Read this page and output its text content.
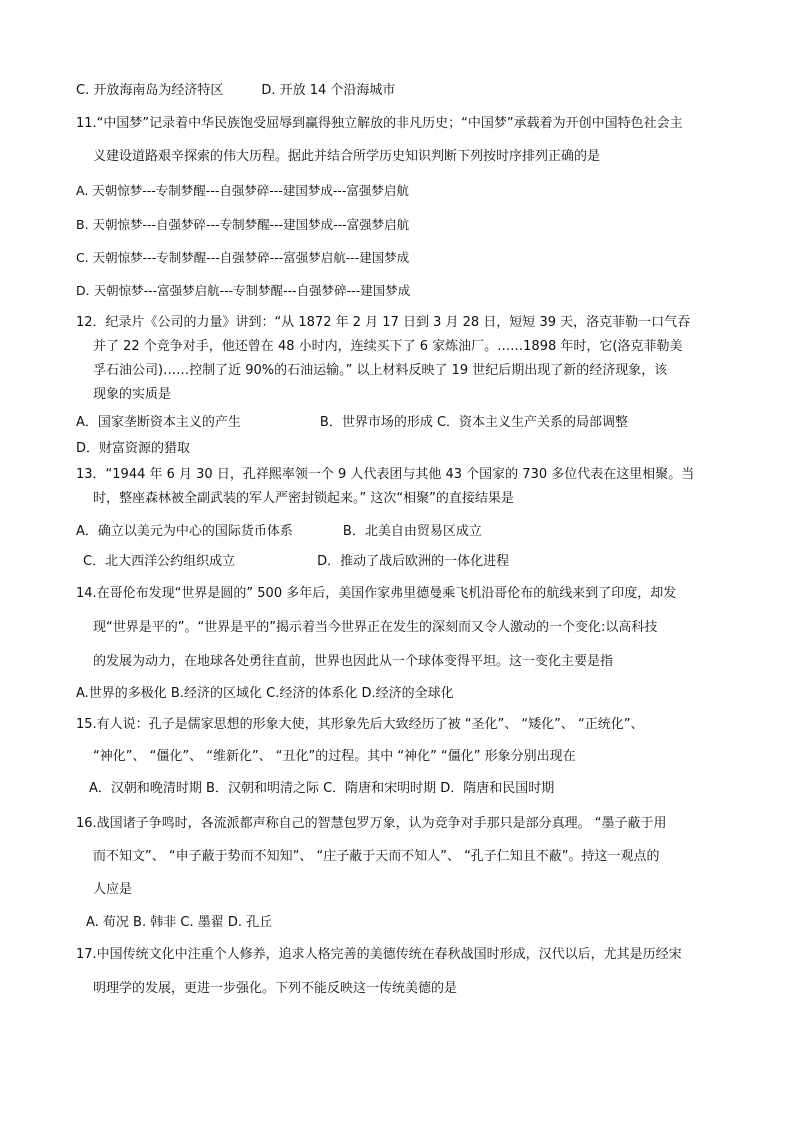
C. 开放海南岛为经济特区	D. 开放 14 个沿海城市
11.“中国梦”记录着中华民族饱受屈辱到赢得独立解放的非凡历史；“中国梦”承载着为开创中国特色社会主
义建设道路艰辛探索的伟大历程。据此并结合所学历史知识判断下列按时序排列正确的是
A. 天朝惊梦---专制梦醒---自强梦碎---建国梦成---富强梦启航
B. 天朝惊梦---自强梦碎---专制梦醒---建国梦成---富强梦启航
C. 天朝惊梦---专制梦醒---自强梦碎---富强梦启航---建国梦成
D. 天朝惊梦---富强梦启航---专制梦醒---自强梦碎---建国梦成
12．纪录片《公司的力量》讲到：“从 1872 年 2 月 17 日到 3 月 28 日，短短 39 天，洛克菲勒一口气吞
并了 22 个竞争对手，他还曾在 48 小时内，连续买下了 6 家炼油厂。……1898 年时，它(洛克菲勒美
孚石油公司)……控制了近 90%的石油运输。” 以上材料反映了 19 世纪后期出现了新的经济现象，该
现象的实质是
A．国家垄断资本主义的产生	B．世界市场的形成 C．资本主义生产关系的局部调整
D．财富资源的猎取
13．“1944 年 6 月 30 日，孔祥熙率领一个 9 人代表团与其他 43 个国家的 730 多位代表在这里相聚。当
时，整座森林被全副武装的军人严密封锁起来。” 这次“相聚”的直接结果是
A．确立以美元为中心的国际货币体系	B．北美自由贸易区成立
C．北大西洋公约组织成立	D．推动了战后欧洲的一体化进程
14.在哥伦布发现“世界是圆的” 500 多年后，美国作家弗里德曼乘飞机沿哥伦布的航线来到了印度，却发
现“世界是平的”。“世界是平的”揭示着当今世界正在发生的深刻而又令人激动的一个变化:以高科技
的发展为动力，在地球各处勇往直前，世界也因此从一个球体变得平坦。这一变化主要是指
A.世界的多极化 B.经济的区域化 C.经济的体系化 D.经济的全球化
15.有人说：孔子是儒家思想的形象大使，其形象先后大致经历了被 “圣化”、 “矮化”、 “正统化”、
“神化”、 “僵化”、 “维新化”、 “丑化”的过程。其中 “神化” “僵化” 形象分别出现在
A．汉朝和晚清时期 B．汉朝和明清之际 C．隋唐和宋明时期 D．隋唐和民国时期
16.战国诸子争鸣时，各流派都声称自己的智慧包罗万象，认为竞争对手那只是部分真理。 “墨子蔽于用
而不知文”、 “申子蔽于势而不知知”、 “庄子蔽于天而不知人”、 “孔子仁知且不蔽”。持这一观点的
人应是
A. 荀况 B. 韩非 C. 墨翟 D. 孔丘
17.中国传统文化中注重个人修养，追求人格完善的美德传统在春秋战国时形成，汉代以后，尤其是历经宋
明理学的发展，更进一步强化。下列不能反映这一传统美德的是
